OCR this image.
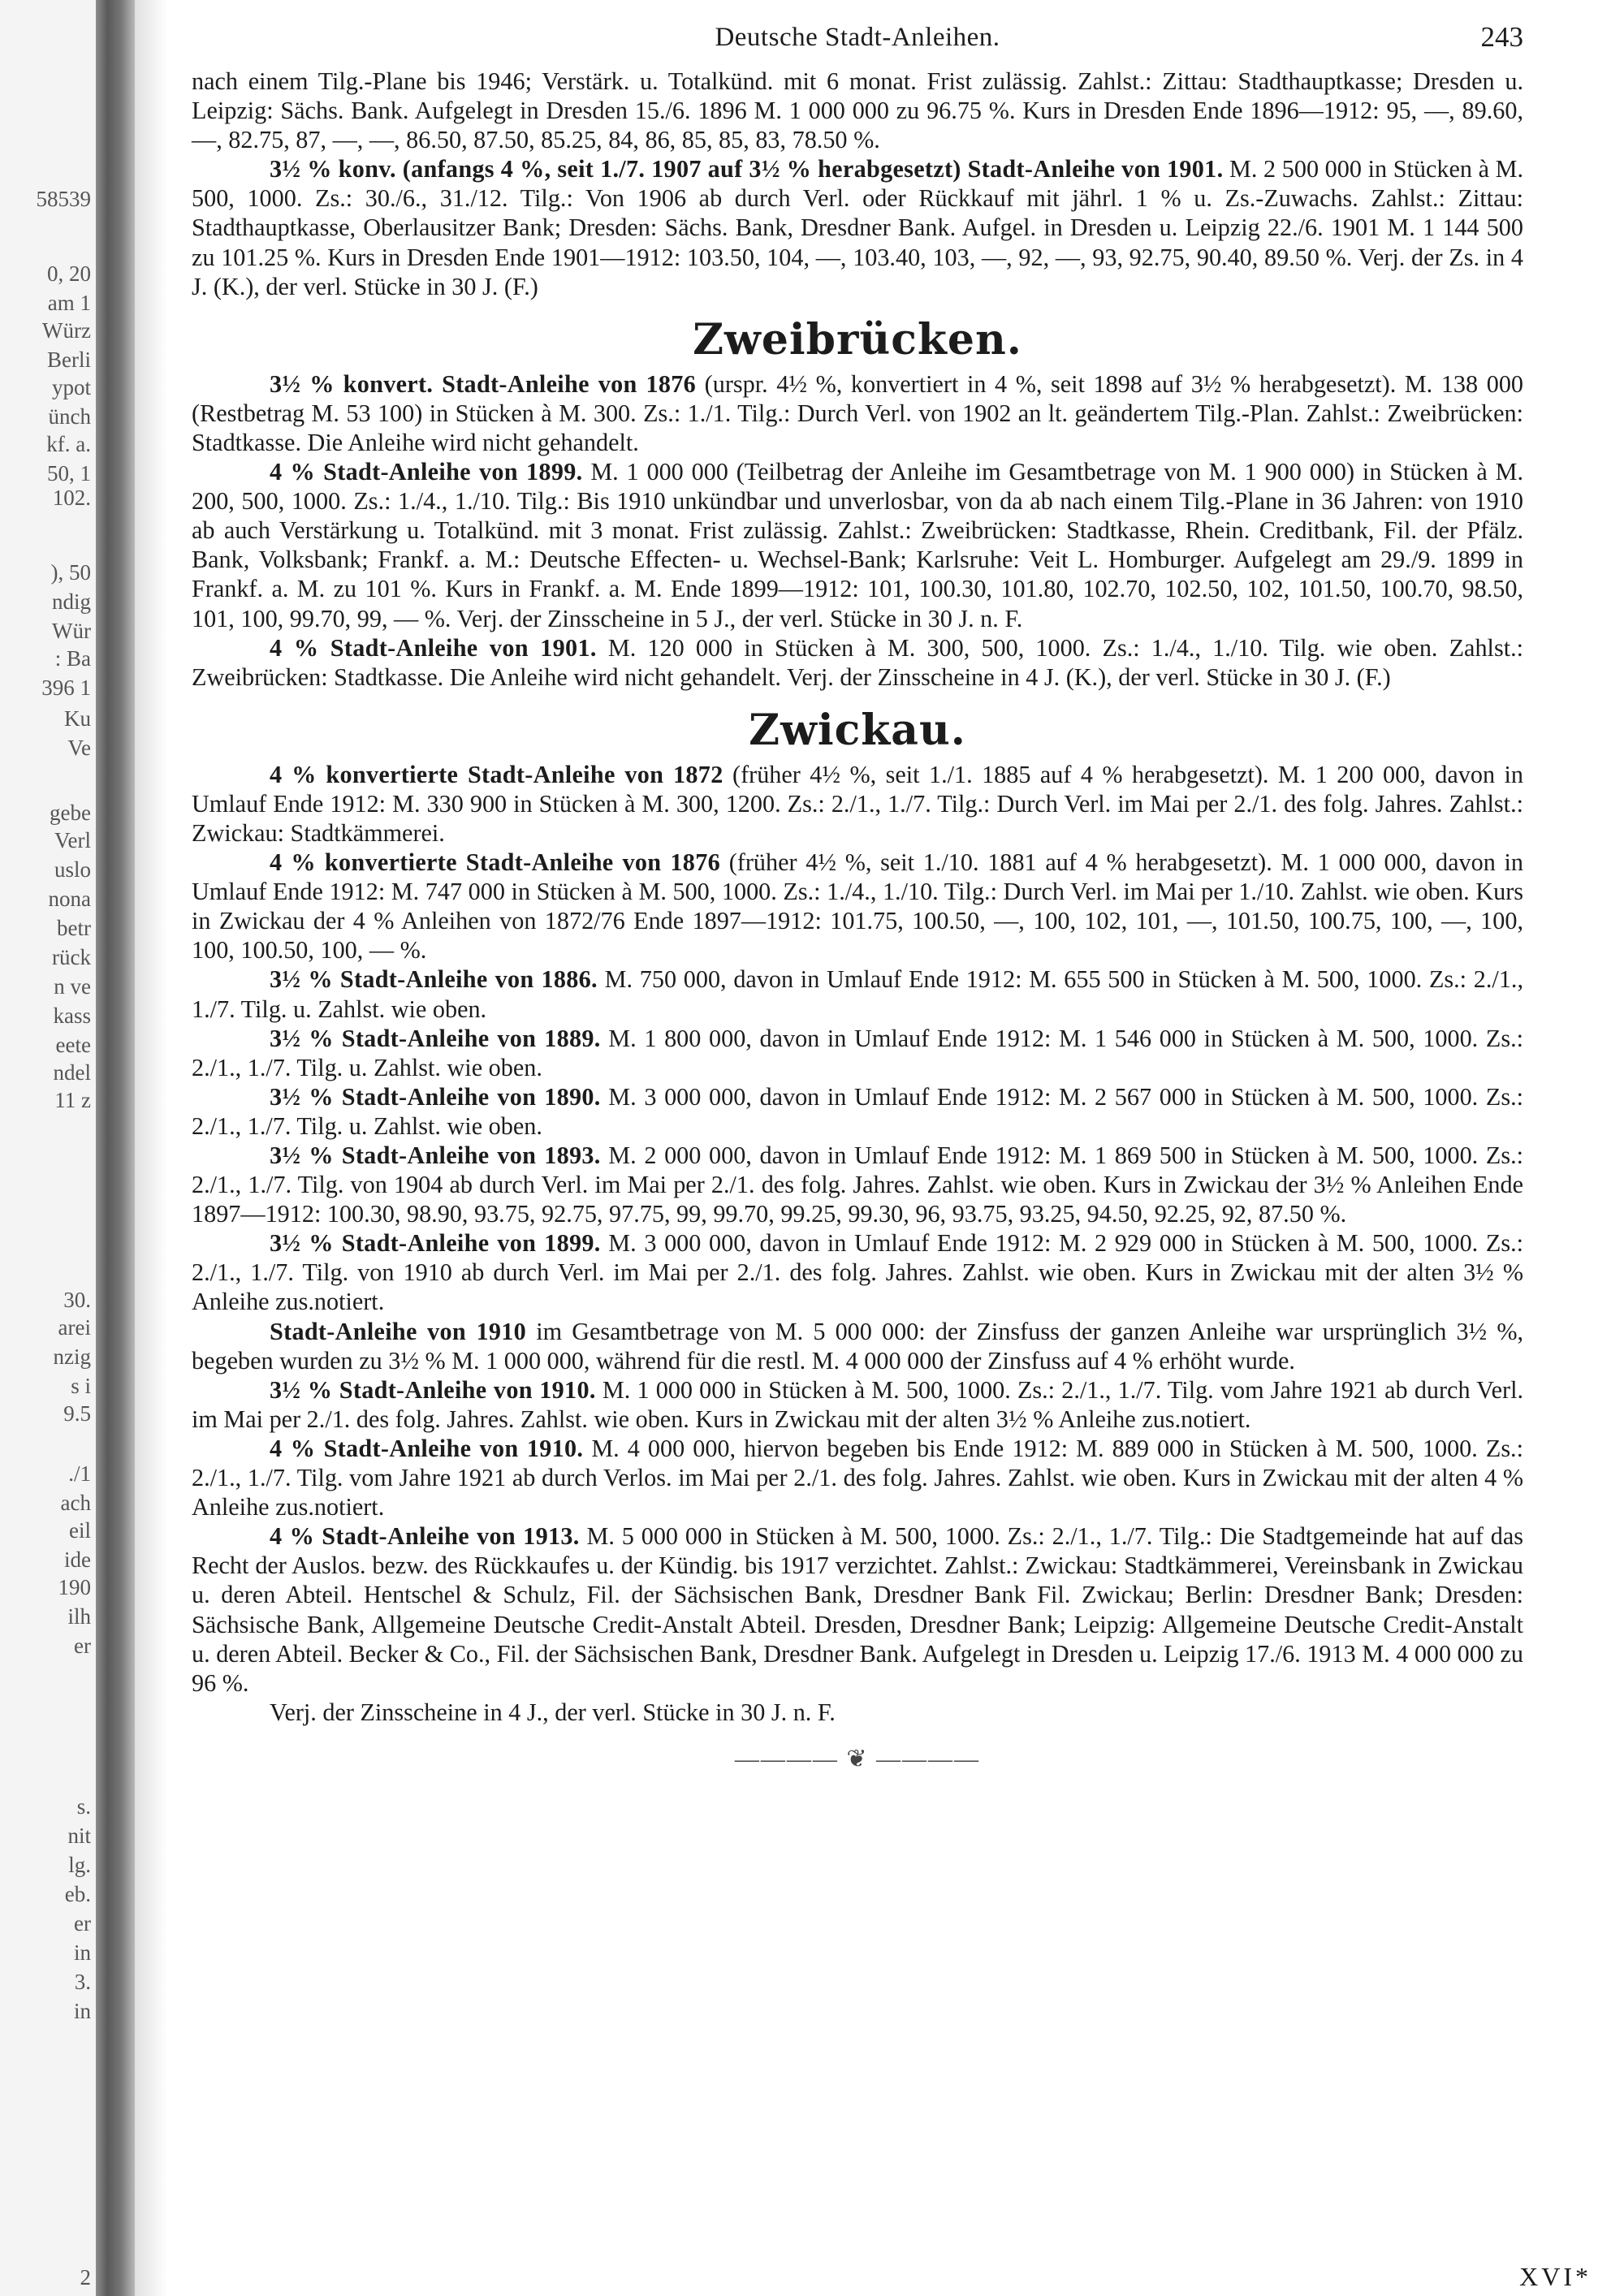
58539
0, 20
am 1
Würz
Berli
ypot
ünch
kf. a.
50, 1
102.
), 50
ndig
Wür
: Ba
396 1
Ku
Ve
gebe
Verl
uslo
nona
betr
rück
n ve
kass
eete
ndel
11 z
30.
arei
nzig
s i
9.5
./1
ach
eil
ide
190
ilh
er
s.
nit
lg.
eb.
er
in
3.
in
2
Deutsche Stadt-Anleihen.	243

nach einem Tilg.-Plane bis 1946; Verstärk. u. Totalkünd. mit 6 monat. Frist zulässig. Zahlst.: Zittau: Stadthauptkasse; Dresden u. Leipzig: Sächs. Bank. Aufgelegt in Dresden 15./6. 1896 M. 1 000 000 zu 96.75 %. Kurs in Dresden Ende 1896—1912: 95, —, 89.60, —, 82.75, 87, —, —, 86.50, 87.50, 85.25, 84, 86, 85, 85, 83, 78.50 %.

3½ % konv. (anfangs 4 %, seit 1./7. 1907 auf 3½ % herabgesetzt) Stadt-Anleihe von 1901. M. 2 500 000 in Stücken à M. 500, 1000. Zs.: 30./6., 31./12. Tilg.: Von 1906 ab durch Verl. oder Rückkauf mit jährl. 1 % u. Zs.-Zuwachs. Zahlst.: Zittau: Stadthauptkasse, Oberlausitzer Bank; Dresden: Sächs. Bank, Dresdner Bank. Aufgel. in Dresden u. Leipzig 22./6. 1901 M. 1 144 500 zu 101.25 %. Kurs in Dresden Ende 1901—1912: 103.50, 104, —, 103.40, 103, —, 92, —, 93, 92.75, 90.40, 89.50 %. Verj. der Zs. in 4 J. (K.), der verl. Stücke in 30 J. (F.)

Zweibrücken.

3½ % konvert. Stadt-Anleihe von 1876 (urspr. 4½ %, konvertiert in 4 %, seit 1898 auf 3½ % herabgesetzt). M. 138 000 (Restbetrag M. 53 100) in Stücken à M. 300. Zs.: 1./1. Tilg.: Durch Verl. von 1902 an lt. geändertem Tilg.-Plan. Zahlst.: Zweibrücken: Stadtkasse. Die Anleihe wird nicht gehandelt.

4 % Stadt-Anleihe von 1899. M. 1 000 000 (Teilbetrag der Anleihe im Gesamtbetrage von M. 1 900 000) in Stücken à M. 200, 500, 1000. Zs.: 1./4., 1./10. Tilg.: Bis 1910 unkündbar und unverlosbar, von da ab nach einem Tilg.-Plane in 36 Jahren: von 1910 ab auch Verstärkung u. Totalkünd. mit 3 monat. Frist zulässig. Zahlst.: Zweibrücken: Stadtkasse, Rhein. Creditbank, Fil. der Pfälz. Bank, Volksbank; Frankf. a. M.: Deutsche Effecten- u. Wechsel-Bank; Karlsruhe: Veit L. Homburger. Aufgelegt am 29./9. 1899 in Frankf. a. M. zu 101 %. Kurs in Frankf. a. M. Ende 1899—1912: 101, 100.30, 101.80, 102.70, 102.50, 102, 101.50, 100.70, 98.50, 101, 100, 99.70, 99, — %. Verj. der Zinsscheine in 5 J., der verl. Stücke in 30 J. n. F.

4 % Stadt-Anleihe von 1901. M. 120 000 in Stücken à M. 300, 500, 1000. Zs.: 1./4., 1./10. Tilg. wie oben. Zahlst.: Zweibrücken: Stadtkasse. Die Anleihe wird nicht gehandelt. Verj. der Zinsscheine in 4 J. (K.), der verl. Stücke in 30 J. (F.)

Zwickau.

4 % konvertierte Stadt-Anleihe von 1872 (früher 4½ %, seit 1./1. 1885 auf 4 % herabgesetzt). M. 1 200 000, davon in Umlauf Ende 1912: M. 330 900 in Stücken à M. 300, 1200. Zs.: 2./1., 1./7. Tilg.: Durch Verl. im Mai per 2./1. des folg. Jahres. Zahlst.: Zwickau: Stadtkämmerei.

4 % konvertierte Stadt-Anleihe von 1876 (früher 4½ %, seit 1./10. 1881 auf 4 % herabgesetzt). M. 1 000 000, davon in Umlauf Ende 1912: M. 747 000 in Stücken à M. 500, 1000. Zs.: 1./4., 1./10. Tilg.: Durch Verl. im Mai per 1./10. Zahlst. wie oben. Kurs in Zwickau der 4 % Anleihen von 1872/76 Ende 1897—1912: 101.75, 100.50, —, 100, 102, 101, —, 101.50, 100.75, 100, —, 100, 100, 100.50, 100, — %.

3½ % Stadt-Anleihe von 1886. M. 750 000, davon in Umlauf Ende 1912: M. 655 500 in Stücken à M. 500, 1000. Zs.: 2./1., 1./7. Tilg. u. Zahlst. wie oben.

3½ % Stadt-Anleihe von 1889. M. 1 800 000, davon in Umlauf Ende 1912: M. 1 546 000 in Stücken à M. 500, 1000. Zs.: 2./1., 1./7. Tilg. u. Zahlst. wie oben.

3½ % Stadt-Anleihe von 1890. M. 3 000 000, davon in Umlauf Ende 1912: M. 2 567 000 in Stücken à M. 500, 1000. Zs.: 2./1., 1./7. Tilg. u. Zahlst. wie oben.

3½ % Stadt-Anleihe von 1893. M. 2 000 000, davon in Umlauf Ende 1912: M. 1 869 500 in Stücken à M. 500, 1000. Zs.: 2./1., 1./7. Tilg. von 1904 ab durch Verl. im Mai per 2./1. des folg. Jahres. Zahlst. wie oben. Kurs in Zwickau der 3½ % Anleihen Ende 1897—1912: 100.30, 98.90, 93.75, 92.75, 97.75, 99, 99.70, 99.25, 99.30, 96, 93.75, 93.25, 94.50, 92.25, 92, 87.50 %.

3½ % Stadt-Anleihe von 1899. M. 3 000 000, davon in Umlauf Ende 1912: M. 2 929 000 in Stücken à M. 500, 1000. Zs.: 2./1., 1./7. Tilg. von 1910 ab durch Verl. im Mai per 2./1. des folg. Jahres. Zahlst. wie oben. Kurs in Zwickau mit der alten 3½ % Anleihe zus.notiert.

Stadt-Anleihe von 1910 im Gesamtbetrage von M. 5 000 000: der Zinsfuss der ganzen Anleihe war ursprünglich 3½ %, begeben wurden zu 3½ % M. 1 000 000, während für die restl. M. 4 000 000 der Zinsfuss auf 4 % erhöht wurde.

3½ % Stadt-Anleihe von 1910. M. 1 000 000 in Stücken à M. 500, 1000. Zs.: 2./1., 1./7. Tilg. vom Jahre 1921 ab durch Verl. im Mai per 2./1. des folg. Jahres. Zahlst. wie oben. Kurs in Zwickau mit der alten 3½ % Anleihe zus.notiert.

4 % Stadt-Anleihe von 1910. M. 4 000 000, hiervon begeben bis Ende 1912: M. 889 000 in Stücken à M. 500, 1000. Zs.: 2./1., 1./7. Tilg. vom Jahre 1921 ab durch Verlos. im Mai per 2./1. des folg. Jahres. Zahlst. wie oben. Kurs in Zwickau mit der alten 4 % Anleihe zus.notiert.

4 % Stadt-Anleihe von 1913. M. 5 000 000 in Stücken à M. 500, 1000. Zs.: 2./1., 1./7. Tilg.: Die Stadtgemeinde hat auf das Recht der Auslos. bezw. des Rückkaufes u. der Kündig. bis 1917 verzichtet. Zahlst.: Zwickau: Stadtkämmerei, Vereinsbank in Zwickau u. deren Abteil. Hentschel & Schulz, Fil. der Sächsischen Bank, Dresdner Bank Fil. Zwickau; Berlin: Dresdner Bank; Dresden: Sächsische Bank, Allgemeine Deutsche Credit-Anstalt Abteil. Dresden, Dresdner Bank; Leipzig: Allgemeine Deutsche Credit-Anstalt u. deren Abteil. Becker & Co., Fil. der Sächsischen Bank, Dresdner Bank. Aufgelegt in Dresden u. Leipzig 17./6. 1913 M. 4 000 000 zu 96 %.

Verj. der Zinsscheine in 4 J., der verl. Stücke in 30 J. n. F.

———— ❦ ————
XVI*
